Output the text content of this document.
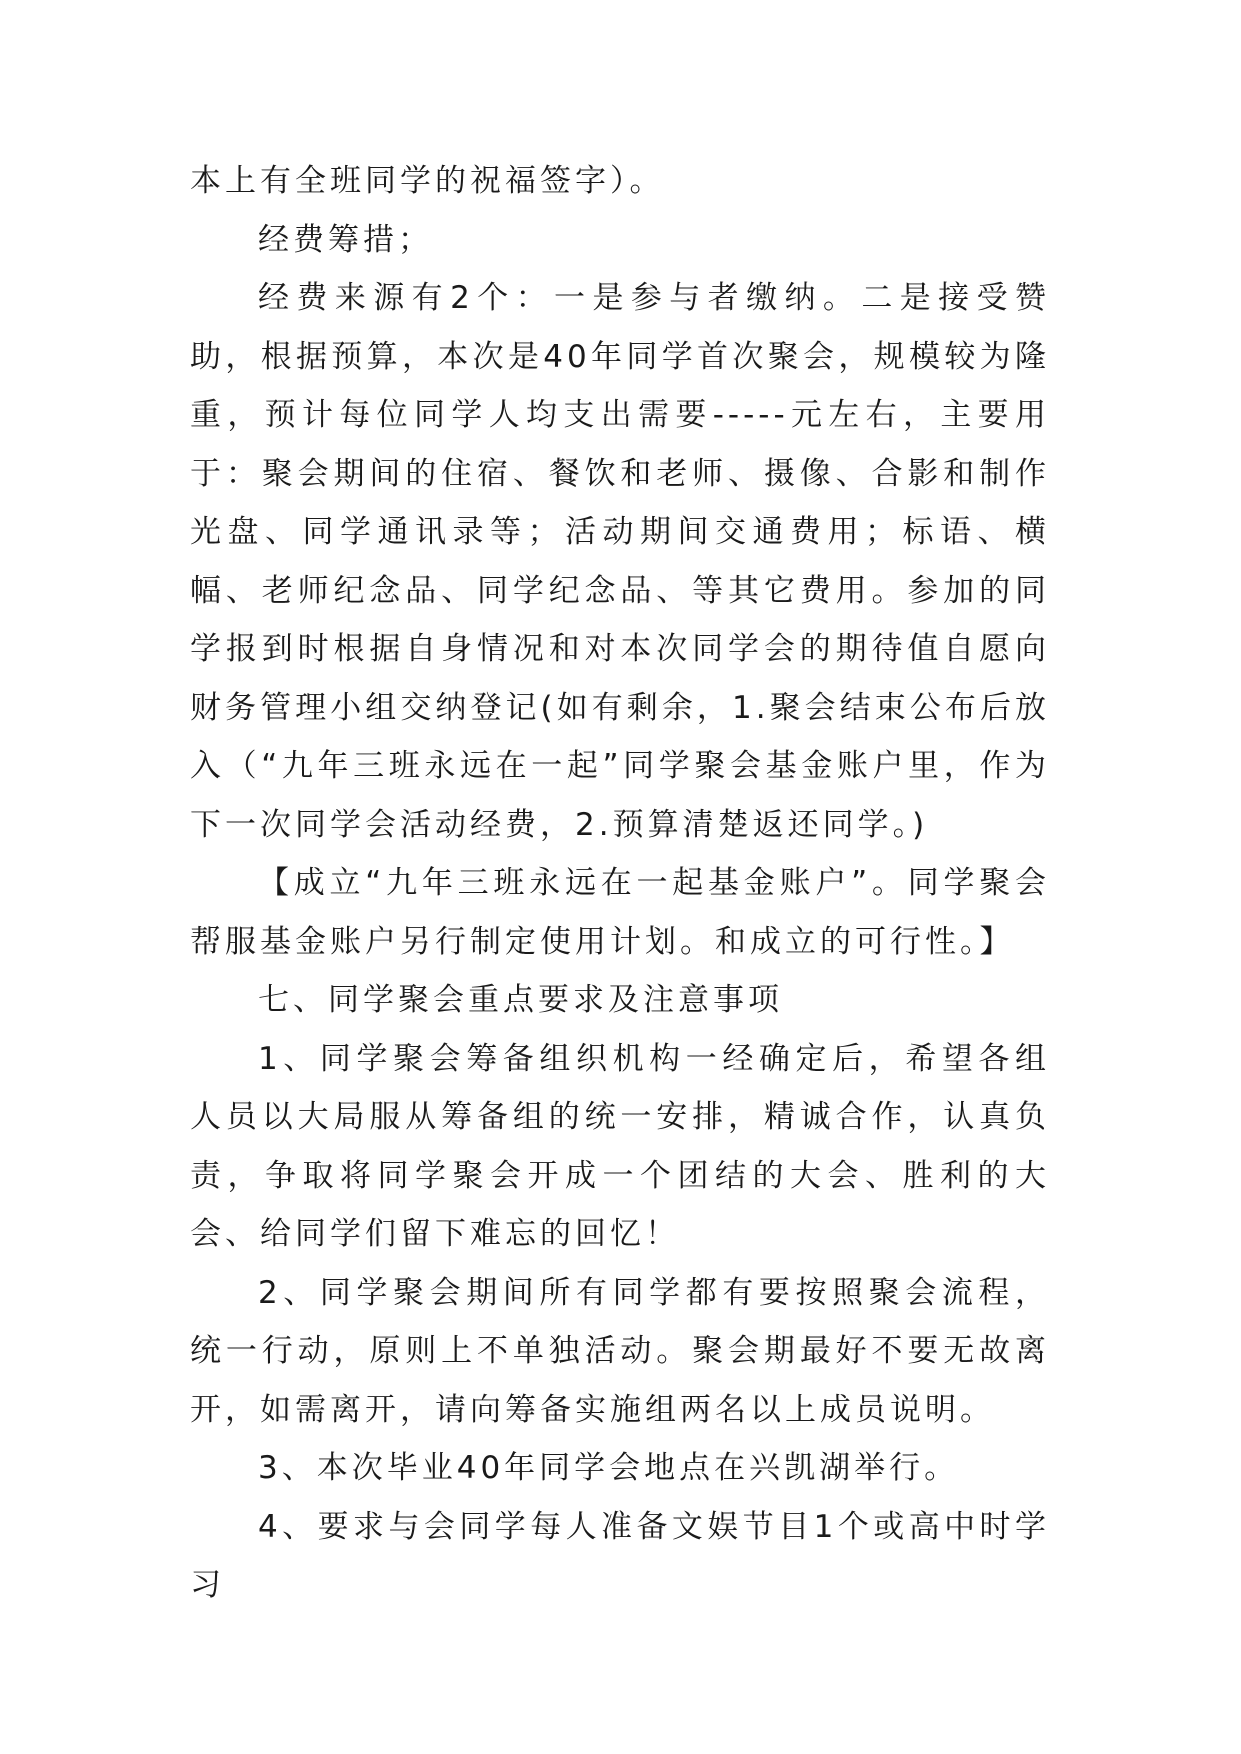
本上有全班同学的祝福签字）。

经费筹措；

经费来源有2个：一是参与者缴纳。二是接受赞助，根据预算，本次是40年同学首次聚会，规模较为隆重，预计每位同学人均支出需要-----元左右，主要用于：聚会期间的住宿、餐饮和老师、摄像、合影和制作光盘、同学通讯录等；活动期间交通费用；标语、横幅、老师纪念品、同学纪念品、等其它费用。参加的同学报到时根据自身情况和对本次同学会的期待值自愿向财务管理小组交纳登记(如有剩余，1.聚会结束公布后放入（“九年三班永远在一起”同学聚会基金账户里，作为下一次同学会活动经费，2.预算清楚返还同学。)

【成立“九年三班永远在一起基金账户”。同学聚会帮服基金账户另行制定使用计划。和成立的可行性。】

七、同学聚会重点要求及注意事项

1、同学聚会筹备组织机构一经确定后，希望各组人员以大局服从筹备组的统一安排，精诚合作，认真负责，争取将同学聚会开成一个团结的大会、胜利的大会、给同学们留下难忘的回忆！

2、同学聚会期间所有同学都有要按照聚会流程，统一行动，原则上不单独活动。聚会期最好不要无故离开，如需离开，请向筹备实施组两名以上成员说明。

3、本次毕业40年同学会地点在兴凯湖举行。

4、要求与会同学每人准备文娱节目1个或高中时学习
